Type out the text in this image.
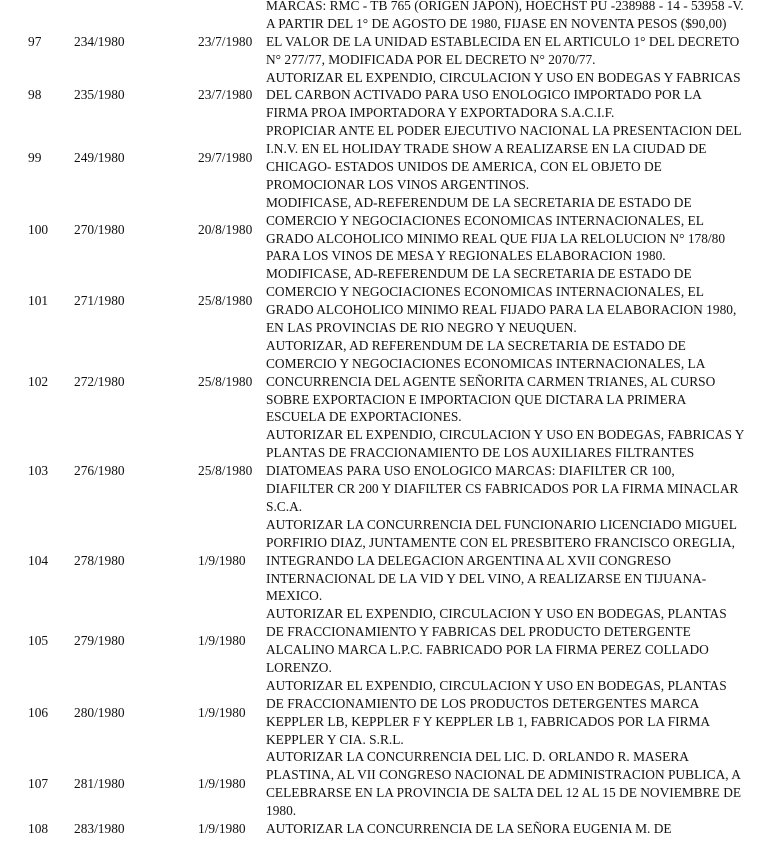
MARCAS: RMC - TB 765 (ORIGEN JAPON), HOECHST PU -238988 - 14 - 53958 -V.
97 234/1980	23/7/1980
A PARTIR DEL 1° DE AGOSTO DE 1980, FIJASE EN NOVENTA PESOS ($90,00)
EL VALOR DE LA UNIDAD ESTABLECIDA EN EL ARTICULO 1° DEL DECRETO
N° 277/77, MODIFICADA POR EL DECRETO N° 2070/77.
98 235/1980	23/7/1980
AUTORIZAR EL EXPENDIO, CIRCULACION Y USO EN BODEGAS Y FABRICAS
DEL CARBON ACTIVADO PARA USO ENOLOGICO IMPORTADO POR LA
FIRMA PROA IMPORTADORA Y EXPORTADORA S.A.C.I.F.
99 249/1980	29/7/1980
PROPICIAR ANTE EL PODER EJECUTIVO NACIONAL LA PRESENTACION DEL
I.N.V. EN EL HOLIDAY TRADE SHOW A REALIZARSE EN LA CIUDAD DE
CHICAGO- ESTADOS UNIDOS DE AMERICA, CON EL OBJETO DE
PROMOCIONAR LOS VINOS ARGENTINOS.
100 270/1980	20/8/1980
MODIFICASE, AD-REFERENDUM DE LA SECRETARIA DE ESTADO DE
COMERCIO Y NEGOCIACIONES ECONOMICAS INTERNACIONALES, EL
GRADO ALCOHOLICO MINIMO REAL QUE FIJA LA RELOLUCION N° 178/80
PARA LOS VINOS DE MESA Y REGIONALES ELABORACION 1980.
101 271/1980	25/8/1980
MODIFICASE, AD-REFERENDUM DE LA SECRETARIA DE ESTADO DE
COMERCIO Y NEGOCIACIONES ECONOMICAS INTERNACIONALES, EL
GRADO ALCOHOLICO MINIMO REAL FIJADO PARA LA ELABORACION 1980,
EN LAS PROVINCIAS DE RIO NEGRO Y NEUQUEN.
102 272/1980	25/8/1980
AUTORIZAR, AD REFERENDUM DE LA SECRETARIA DE ESTADO DE
COMERCIO Y NEGOCIACIONES ECONOMICAS INTERNACIONALES, LA
CONCURRENCIA DEL AGENTE SEÑORITA CARMEN TRIANES, AL CURSO
SOBRE EXPORTACION E IMPORTACION QUE DICTARA LA PRIMERA
ESCUELA DE EXPORTACIONES.
103 276/1980	25/8/1980
AUTORIZAR EL EXPENDIO, CIRCULACION Y USO EN BODEGAS, FABRICAS Y
PLANTAS DE FRACCIONAMIENTO DE LOS AUXILIARES FILTRANTES
DIATOMEAS PARA USO ENOLOGICO MARCAS: DIAFILTER CR 100,
DIAFILTER CR 200 Y DIAFILTER CS FABRICADOS POR LA FIRMA MINACLAR
S.C.A.
104 278/1980	1/9/1980
AUTORIZAR LA CONCURRENCIA DEL FUNCIONARIO LICENCIADO MIGUEL
PORFIRIO DIAZ, JUNTAMENTE CON EL PRESBITERO FRANCISCO OREGLIA,
INTEGRANDO LA DELEGACION ARGENTINA AL XVII CONGRESO
INTERNACIONAL DE LA VID Y DEL VINO, A REALIZARSE EN TIJUANA-
MEXICO.
105 279/1980	1/9/1980
AUTORIZAR EL EXPENDIO, CIRCULACION Y USO EN BODEGAS, PLANTAS
DE FRACCIONAMIENTO Y FABRICAS DEL PRODUCTO DETERGENTE
ALCALINO MARCA L.P.C. FABRICADO POR LA FIRMA PEREZ COLLADO
LORENZO.
106 280/1980	1/9/1980
AUTORIZAR EL EXPENDIO, CIRCULACION Y USO EN BODEGAS, PLANTAS
DE FRACCIONAMIENTO DE LOS PRODUCTOS DETERGENTES MARCA
KEPPLER LB, KEPPLER F Y KEPPLER LB 1, FABRICADOS POR LA FIRMA
KEPPLER Y CIA. S.R.L.
107 281/1980	1/9/1980
AUTORIZAR LA CONCURRENCIA DEL LIC. D. ORLANDO R. MASERA
PLASTINA, AL VII CONGRESO NACIONAL DE ADMINISTRACION PUBLICA, A
CELEBRARSE EN LA PROVINCIA DE SALTA DEL 12 AL 15 DE NOVIEMBRE DE
1980.
108 283/1980	1/9/1980 AUTORIZAR LA CONCURRENCIA DE LA SEÑORA EUGENIA M. DE
